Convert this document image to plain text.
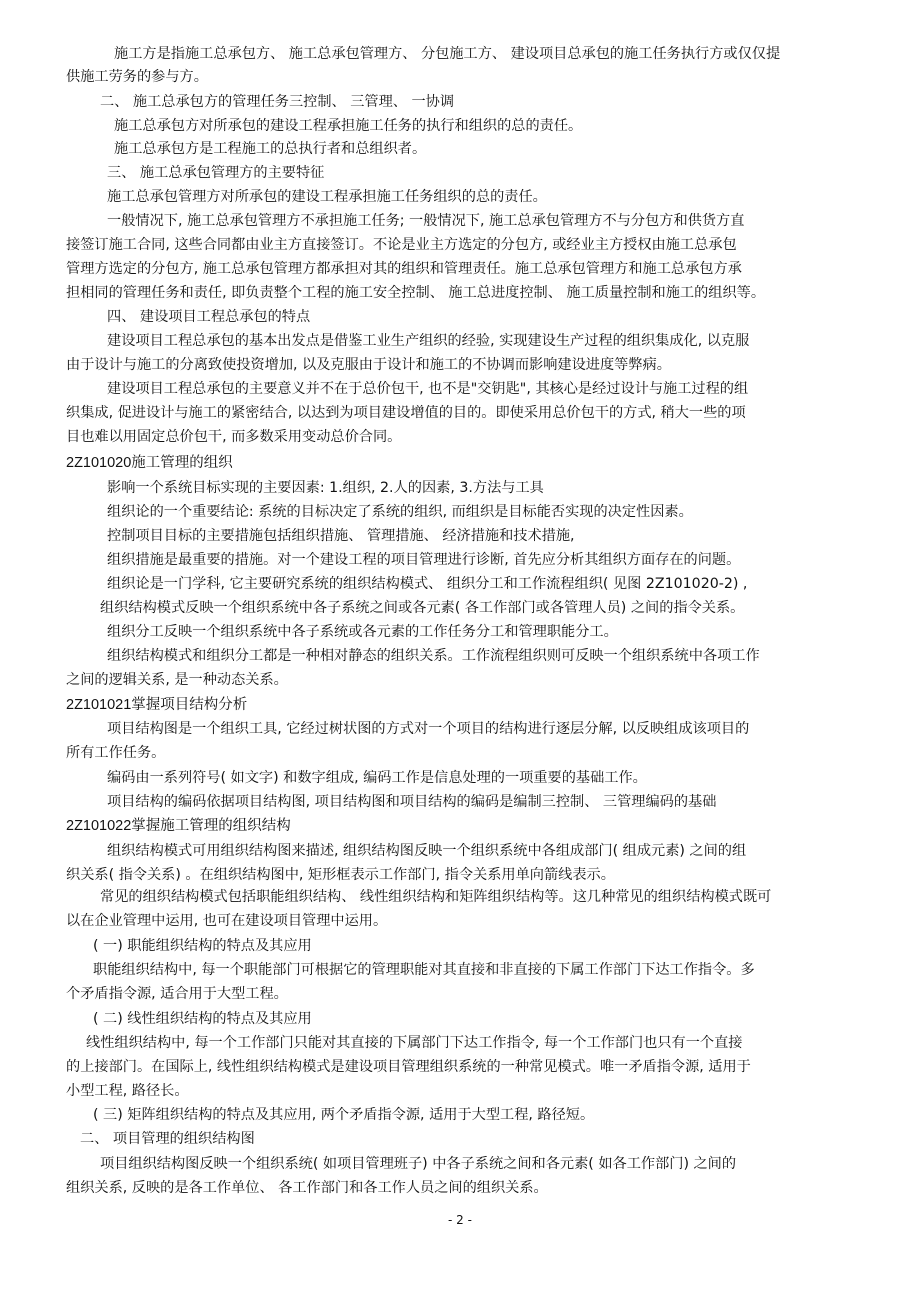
施工方是指施工总承包方、 施工总承包管理方、 分包施工方、 建设项目总承包的施工任务执行方或仅仅提
供施工劳务的参与方。
二、 施工总承包方的管理任务三控制、 三管理、 一协调
施工总承包方对所承包的建设工程承担施工任务的执行和组织的总的责任。
施工总承包方是工程施工的总执行者和总组织者。
三、 施工总承包管理方的主要特征
施工总承包管理方对所承包的建设工程承担施工任务组织的总的责任。
一般情况下, 施工总承包管理方不承担施工任务; 一般情况下, 施工总承包管理方不与分包方和供货方直
接签订施工合同, 这些合同都由业主方直接签订。不论是业主方选定的分包方, 或经业主方授权由施工总承包
管理方选定的分包方, 施工总承包管理方都承担对其的组织和管理责任。施工总承包管理方和施工总承包方承
担相同的管理任务和责任, 即负责整个工程的施工安全控制、 施工总进度控制、 施工质量控制和施工的组织等。
四、 建设项目工程总承包的特点
建设项目工程总承包的基本出发点是借鉴工业生产组织的经验, 实现建设生产过程的组织集成化, 以克服
由于设计与施工的分离致使投资增加, 以及克服由于设计和施工的不协调而影响建设进度等弊病。
建设项目工程总承包的主要意义并不在于总价包干, 也不是"交钥匙", 其核心是经过设计与施工过程的组
织集成, 促进设计与施工的紧密结合, 以达到为项目建设增值的目的。即使采用总价包干的方式, 稍大一些的项
目也难以用固定总价包干, 而多数采用变动总价合同。
2Z101020施工管理的组织
影响一个系统目标实现的主要因素: 1.组织, 2.人的因素, 3.方法与工具
组织论的一个重要结论: 系统的目标决定了系统的组织, 而组织是目标能否实现的决定性因素。
控制项目目标的主要措施包括组织措施、 管理措施、 经济措施和技术措施,
组织措施是最重要的措施。对一个建设工程的项目管理进行诊断, 首先应分析其组织方面存在的问题。
组织论是一门学科, 它主要研究系统的组织结构模式、 组织分工和工作流程组织( 见图 2Z101020-2) ,
组织结构模式反映一个组织系统中各子系统之间或各元素( 各工作部门或各管理人员) 之间的指令关系。
组织分工反映一个组织系统中各子系统或各元素的工作任务分工和管理职能分工。
组织结构模式和组织分工都是一种相对静态的组织关系。工作流程组织则可反映一个组织系统中各项工作
之间的逻辑关系, 是一种动态关系。
2Z101021掌握项目结构分析
项目结构图是一个组织工具, 它经过树状图的方式对一个项目的结构进行逐层分解, 以反映组成该项目的
所有工作任务。
编码由一系列符号( 如文字) 和数字组成, 编码工作是信息处理的一项重要的基础工作。
项目结构的编码依据项目结构图, 项目结构图和项目结构的编码是编制三控制、 三管理编码的基础
2Z101022掌握施工管理的组织结构
组织结构模式可用组织结构图来描述, 组织结构图反映一个组织系统中各组成部门( 组成元素) 之间的组
织关系( 指令关系) 。在组织结构图中, 矩形框表示工作部门, 指令关系用单向箭线表示。
常见的组织结构模式包括职能组织结构、 线性组织结构和矩阵组织结构等。这几种常见的组织结构模式既可
以在企业管理中运用, 也可在建设项目管理中运用。
( 一) 职能组织结构的特点及其应用
职能组织结构中, 每一个职能部门可根据它的管理职能对其直接和非直接的下属工作部门下达工作指令。多
个矛盾指令源, 适合用于大型工程。
( 二) 线性组织结构的特点及其应用
线性组织结构中, 每一个工作部门只能对其直接的下属部门下达工作指令, 每一个工作部门也只有一个直接
的上接部门。在国际上, 线性组织结构模式是建设项目管理组织系统的一种常见模式。唯一矛盾指令源, 适用于
小型工程, 路径长。
( 三) 矩阵组织结构的特点及其应用, 两个矛盾指令源, 适用于大型工程, 路径短。
二、 项目管理的组织结构图
项目组织结构图反映一个组织系统( 如项目管理班子) 中各子系统之间和各元素( 如各工作部门) 之间的
组织关系, 反映的是各工作单位、 各工作部门和各工作人员之间的组织关系。
- 2 -
